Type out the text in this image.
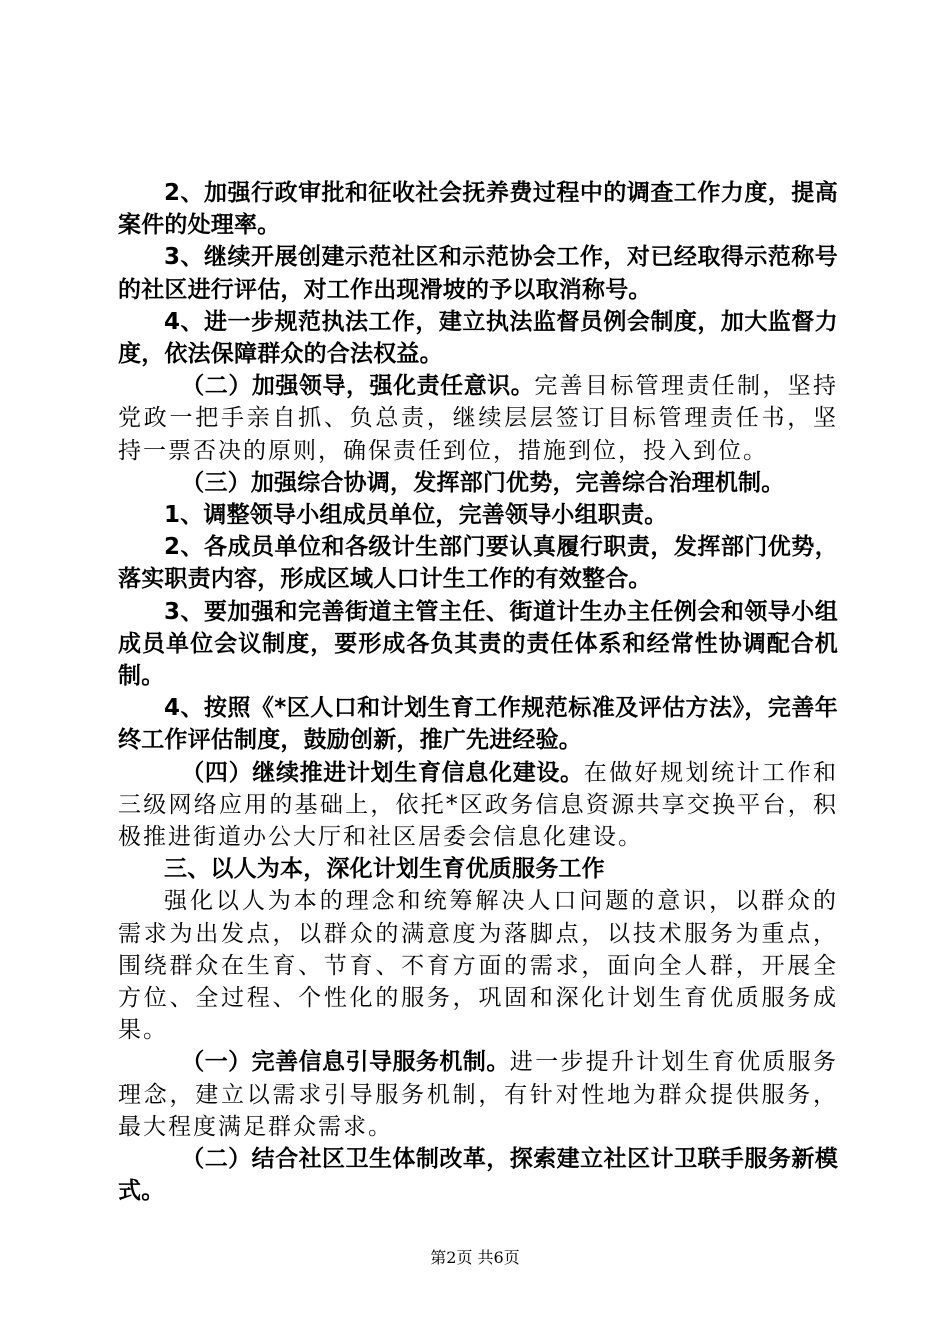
2、加强行政审批和征收社会抚养费过程中的调查工作力度，提高案件的处理率。

3、继续开展创建示范社区和示范协会工作，对已经取得示范称号的社区进行评估，对工作出现滑坡的予以取消称号。

4、进一步规范执法工作，建立执法监督员例会制度，加大监督力度，依法保障群众的合法权益。

（二）加强领导，强化责任意识。完善目标管理责任制，坚持党政一把手亲自抓、负总责，继续层层签订目标管理责任书，坚持一票否决的原则，确保责任到位，措施到位，投入到位。

（三）加强综合协调，发挥部门优势，完善综合治理机制。

1、调整领导小组成员单位，完善领导小组职责。

2、各成员单位和各级计生部门要认真履行职责，发挥部门优势，落实职责内容，形成区域人口计生工作的有效整合。

3、要加强和完善街道主管主任、街道计生办主任例会和领导小组成员单位会议制度，要形成各负其责的责任体系和经常性协调配合机制。

4、按照《*区人口和计划生育工作规范标准及评估方法》，完善年终工作评估制度，鼓励创新，推广先进经验。

（四）继续推进计划生育信息化建设。在做好规划统计工作和三级网络应用的基础上，依托*区政务信息资源共享交换平台，积极推进街道办公大厅和社区居委会信息化建设。

三、以人为本，深化计划生育优质服务工作

强化以人为本的理念和统筹解决人口问题的意识，以群众的需求为出发点，以群众的满意度为落脚点，以技术服务为重点，围绕群众在生育、节育、不育方面的需求，面向全人群，开展全方位、全过程、个性化的服务，巩固和深化计划生育优质服务成果。

（一）完善信息引导服务机制。进一步提升计划生育优质服务理念，建立以需求引导服务机制，有针对性地为群众提供服务，最大程度满足群众需求。

（二）结合社区卫生体制改革，探索建立社区计卫联手服务新模式。

第2页 共6页
